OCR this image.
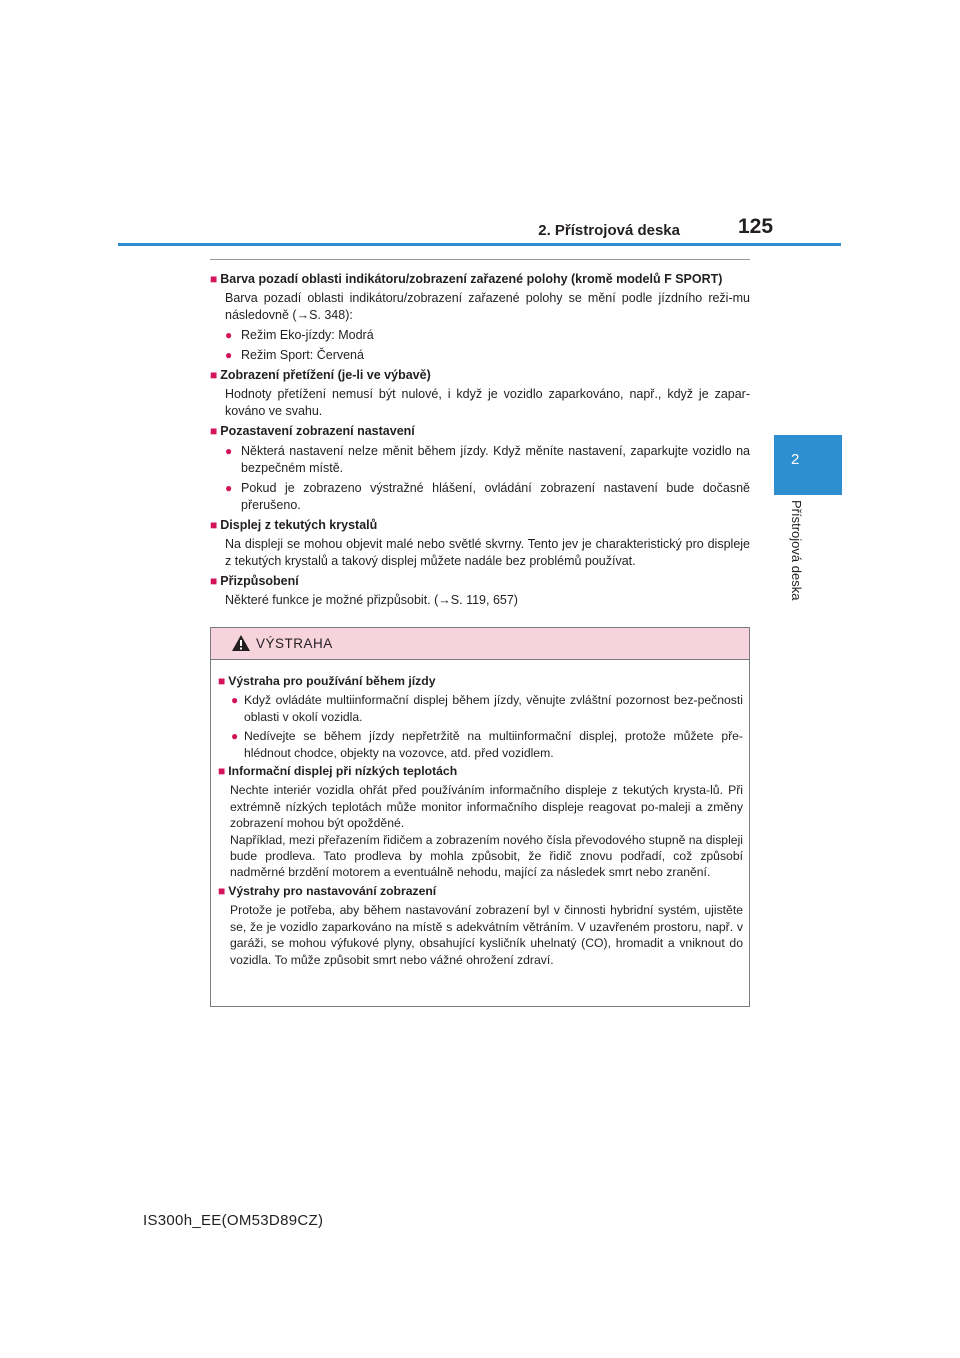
2. Přístrojová deska	125
2
Přístrojová deska
■ Barva pozadí oblasti indikátoru/zobrazení zařazené polohy (kromě modelů F SPORT)
Barva pozadí oblasti indikátoru/zobrazení zařazené polohy se mění podle jízdního reži-mu následovně (→S. 348):
● Režim Eko-jízdy: Modrá
● Režim Sport: Červená
■ Zobrazení přetížení (je-li ve výbavě)
Hodnoty přetížení nemusí být nulové, i když je vozidlo zaparkováno, např., když je zapar-kováno ve svahu.
■ Pozastavení zobrazení nastavení
● Některá nastavení nelze měnit během jízdy. Když měníte nastavení, zaparkujte vozidlo na bezpečném místě.
● Pokud je zobrazeno výstražné hlášení, ovládání zobrazení nastavení bude dočasně přerušeno.
■ Displej z tekutých krystalů
Na displeji se mohou objevit malé nebo světlé skvrny. Tento jev je charakteristický pro displeje z tekutých krystalů a takový displej můžete nadále bez problémů používat.
■ Přizpůsobení
Některé funkce je možné přizpůsobit. (→S. 119, 657)
VÝSTRAHA
■ Výstraha pro používání během jízdy
● Když ovládáte multiinformační displej během jízdy, věnujte zvláštní pozornost bez-pečnosti oblasti v okolí vozidla.
● Nedívejte se během jízdy nepřetržitě na multiinformační displej, protože můžete pře-hlédnout chodce, objekty na vozovce, atd. před vozidlem.
■ Informační displej při nízkých teplotách
Nechte interiér vozidla ohřát před používáním informačního displeje z tekutých krysta-lů. Při extrémně nízkých teplotách může monitor informačního displeje reagovat po-maleji a změny zobrazení mohou být opožděné.
Například, mezi přeřazením řidičem a zobrazením nového čísla převodového stupně na displeji bude prodleva. Tato prodleva by mohla způsobit, že řidič znovu podřadí, což způsobí nadměrné brzdění motorem a eventuálně nehodu, mající za následek smrt nebo zranění.
■ Výstrahy pro nastavování zobrazení
Protože je potřeba, aby během nastavování zobrazení byl v činnosti hybridní systém, ujistěte se, že je vozidlo zaparkováno na místě s adekvátním větráním. V uzavřeném prostoru, např. v garáži, se mohou výfukové plyny, obsahující kysličník uhelnatý (CO), hromadit a vniknout do vozidla. To může způsobit smrt nebo vážné ohrožení zdraví.
IS300h_EE(OM53D89CZ)
